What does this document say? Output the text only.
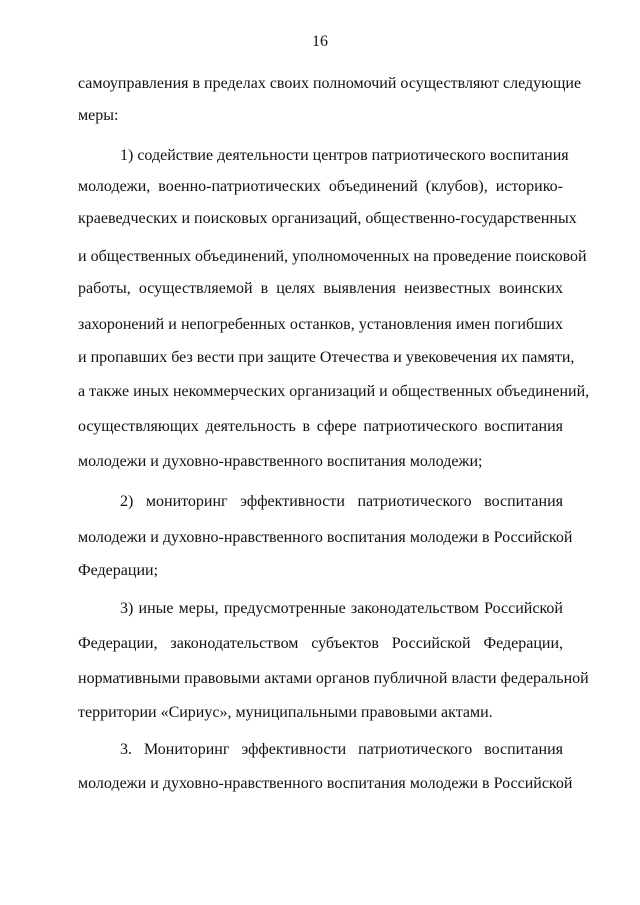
16
самоуправления в пределах своих полномочий осуществляют следующие
меры:
1) содействие деятельности центров патриотического воспитания
молодежи, военно-патриотических объединений (клубов), историко-
краеведческих и поисковых организаций, общественно-государственных
и общественных объединений, уполномоченных на проведение поисковой
работы, осуществляемой в целях выявления неизвестных воинских
захоронений и непогребенных останков, установления имен погибших
и пропавших без вести при защите Отечества и увековечения их памяти,
а также иных некоммерческих организаций и общественных объединений,
осуществляющих деятельность в сфере патриотического воспитания
молодежи и духовно-нравственного воспитания молодежи;
2) мониторинг эффективности патриотического воспитания
молодежи и духовно-нравственного воспитания молодежи в Российской
Федерации;
3) иные меры, предусмотренные законодательством Российской
Федерации, законодательством субъектов Российской Федерации,
нормативными правовыми актами органов публичной власти федеральной
территории «Сириус», муниципальными правовыми актами.
3. Мониторинг эффективности патриотического воспитания
молодежи и духовно-нравственного воспитания молодежи в Российской
